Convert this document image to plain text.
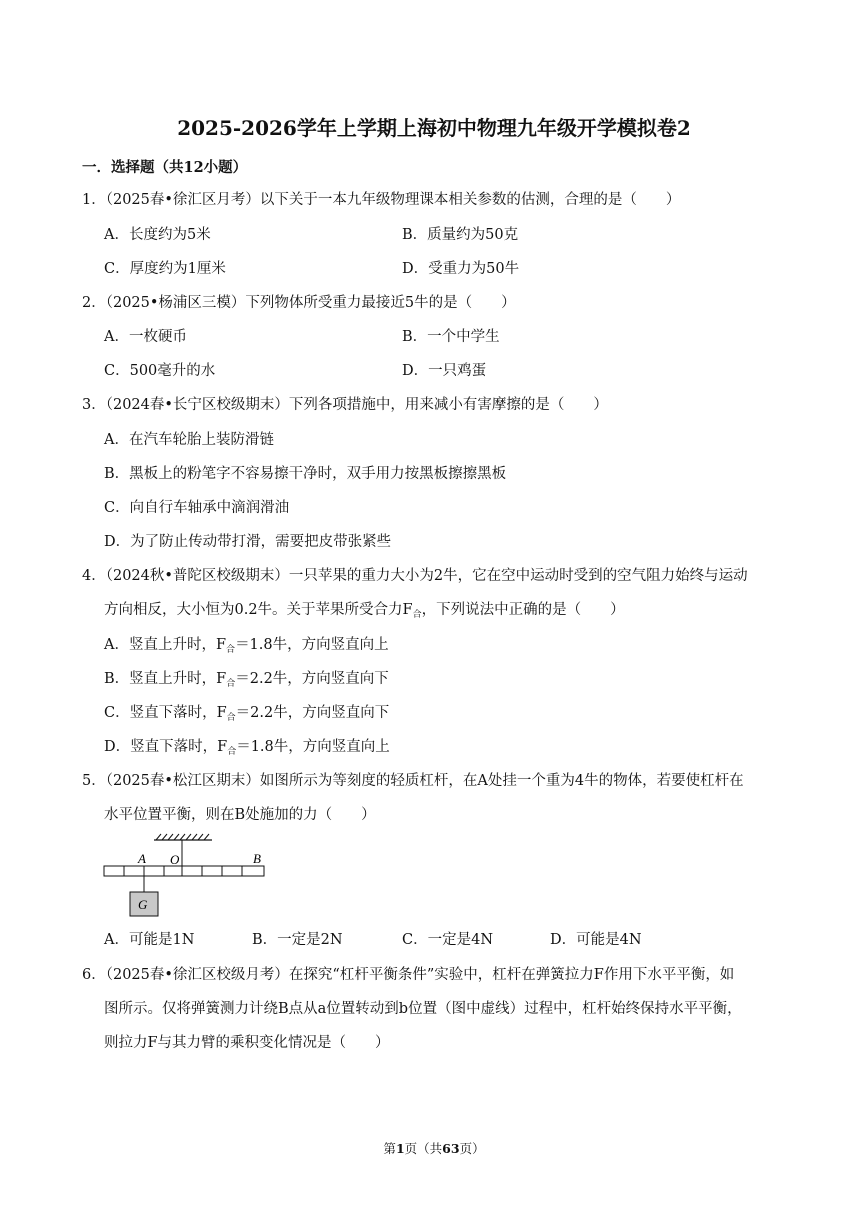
2025-2026学年上学期上海初中物理九年级开学模拟卷2
一．选择题（共12小题）
1．（2025春•徐汇区月考）以下关于一本九年级物理课本相关参数的估测，合理的是（　　）
A．长度约为5米	B．质量约为50克
C．厚度约为1厘米	D．受重力为50牛
2．（2025•杨浦区三模）下列物体所受重力最接近5牛的是（　　）
A．一枚硬币	B．一个中学生
C．500毫升的水	D．一只鸡蛋
3．（2024春•长宁区校级期末）下列各项措施中，用来减小有害摩擦的是（　　）
A．在汽车轮胎上装防滑链
B．黑板上的粉笔字不容易擦干净时，双手用力按黑板擦擦黑板
C．向自行车轴承中滴润滑油
D．为了防止传动带打滑，需要把皮带张紧些
4．（2024秋•普陀区校级期末）一只苹果的重力大小为2牛，它在空中运动时受到的空气阻力始终与运动
方向相反，大小恒为0.2牛。关于苹果所受合力$F_合$，下列说法中正确的是（　　）
A．竖直上升时，$F_合=1.8$牛，方向竖直向上
B．竖直上升时，$F_合=2.2$牛，方向竖直向下
C．竖直下落时，$F_合=2.2$牛，方向竖直向下
D．竖直下落时，$F_合=1.8$牛，方向竖直向上
5．（2025春•松江区期末）如图所示为等刻度的轻质杠杆，在A处挂一个重为4牛的物体，若要使杠杆在
水平位置平衡，则在B处施加的力（　　）
A O	B
G
A．可能是1N	B．一定是2N	C．一定是4N	D．可能是4N
6．（2025春•徐汇区校级月考）在探究“杠杆平衡条件”实验中，杠杆在弹簧拉力F作用下水平平衡，如
图所示。仅将弹簧测力计绕B点从a位置转动到b位置（图中虚线）过程中，杠杆始终保持水平平衡，
则拉力F与其力臂的乘积变化情况是（　　）
第1页（共63页）
